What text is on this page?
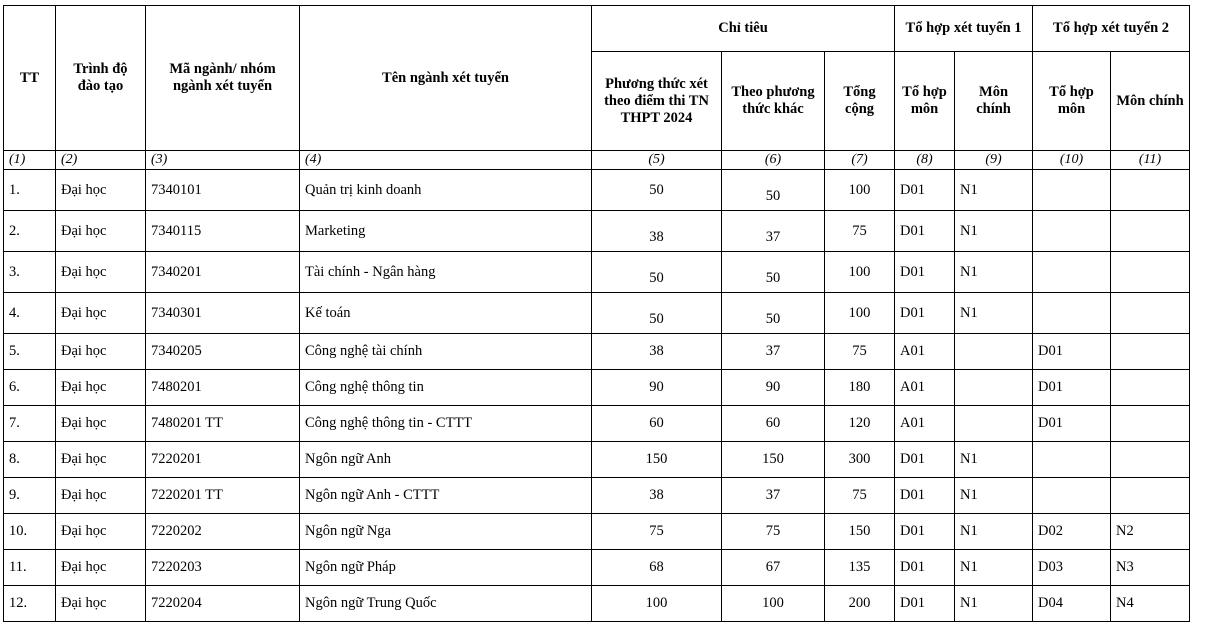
TT	Trình độ đào tạo	Mã ngành/ nhóm ngành xét tuyển	Tên ngành xét tuyển	Chỉ tiêu			Tổ hợp xét tuyển 1		Tổ hợp xét tuyển 2	
				Phương thức xét theo điểm thi TN THPT 2024	Theo phương thức khác	Tổng cộng	Tổ hợp môn	Môn chính	Tổ hợp môn	Môn chính
(1)	(2)	(3)	(4)	(5)	(6)	(7)	(8)	(9)	(10)	(11)
1.	Đại học	7340101	Quản trị kinh doanh	50	50	100	D01	N1		
2.	Đại học	7340115	Marketing	38	37	75	D01	N1		
3.	Đại học	7340201	Tài chính - Ngân hàng	50	50	100	D01	N1		
4.	Đại học	7340301	Kế toán	50	50	100	D01	N1		
5.	Đại học	7340205	Công nghệ tài chính	38	37	75	A01		D01	
6.	Đại học	7480201	Công nghệ thông tin	90	90	180	A01		D01	
7.	Đại học	7480201 TT	Công nghệ thông tin - CTTT	60	60	120	A01		D01	
8.	Đại học	7220201	Ngôn ngữ Anh	150	150	300	D01	N1		
9.	Đại học	7220201 TT	Ngôn ngữ Anh - CTTT	38	37	75	D01	N1		
10.	Đại học	7220202	Ngôn ngữ Nga	75	75	150	D01	N1	D02	N2
11.	Đại học	7220203	Ngôn ngữ Pháp	68	67	135	D01	N1	D03	N3
12.	Đại học	7220204	Ngôn ngữ Trung Quốc	100	100	200	D01	N1	D04	N4
